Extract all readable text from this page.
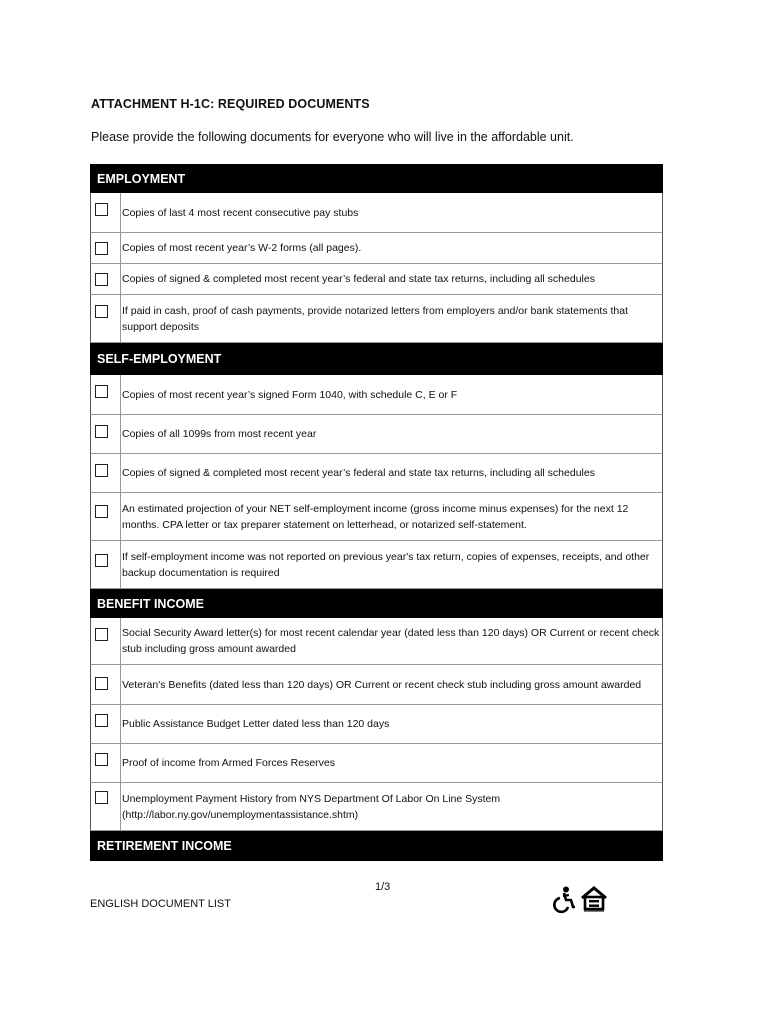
ATTACHMENT H-1C: REQUIRED DOCUMENTS
Please provide the following documents for everyone who will live in the affordable unit.
EMPLOYMENT
Copies of last 4 most recent consecutive pay stubs
Copies of most recent year’s W-2 forms (all pages).
Copies of signed & completed most recent year’s federal and state tax returns, including all schedules
If paid in cash, proof of cash payments, provide notarized letters from employers and/or bank statements that support deposits
SELF-EMPLOYMENT
Copies of most recent year’s signed Form 1040, with schedule C, E or F
Copies of all 1099s from most recent year
Copies of signed & completed most recent year’s federal and state tax returns, including all schedules
An estimated projection of your NET self-employment income (gross income minus expenses) for the next 12 months. CPA letter or tax preparer statement on letterhead, or notarized self-statement.
If self-employment income was not reported on previous year's tax return, copies of expenses, receipts, and other backup documentation is required
BENEFIT INCOME
Social Security Award letter(s) for most recent calendar year (dated less than 120 days) OR Current or recent check stub including gross amount awarded
Veteran's Benefits (dated less than 120 days) OR Current or recent check stub including gross amount awarded
Public Assistance Budget Letter dated less than 120 days
Proof of income from Armed Forces Reserves
Unemployment Payment History from NYS Department Of Labor On Line System (http://labor.ny.gov/unemploymentassistance.shtm)
RETIREMENT INCOME
1/3
ENGLISH DOCUMENT LIST
